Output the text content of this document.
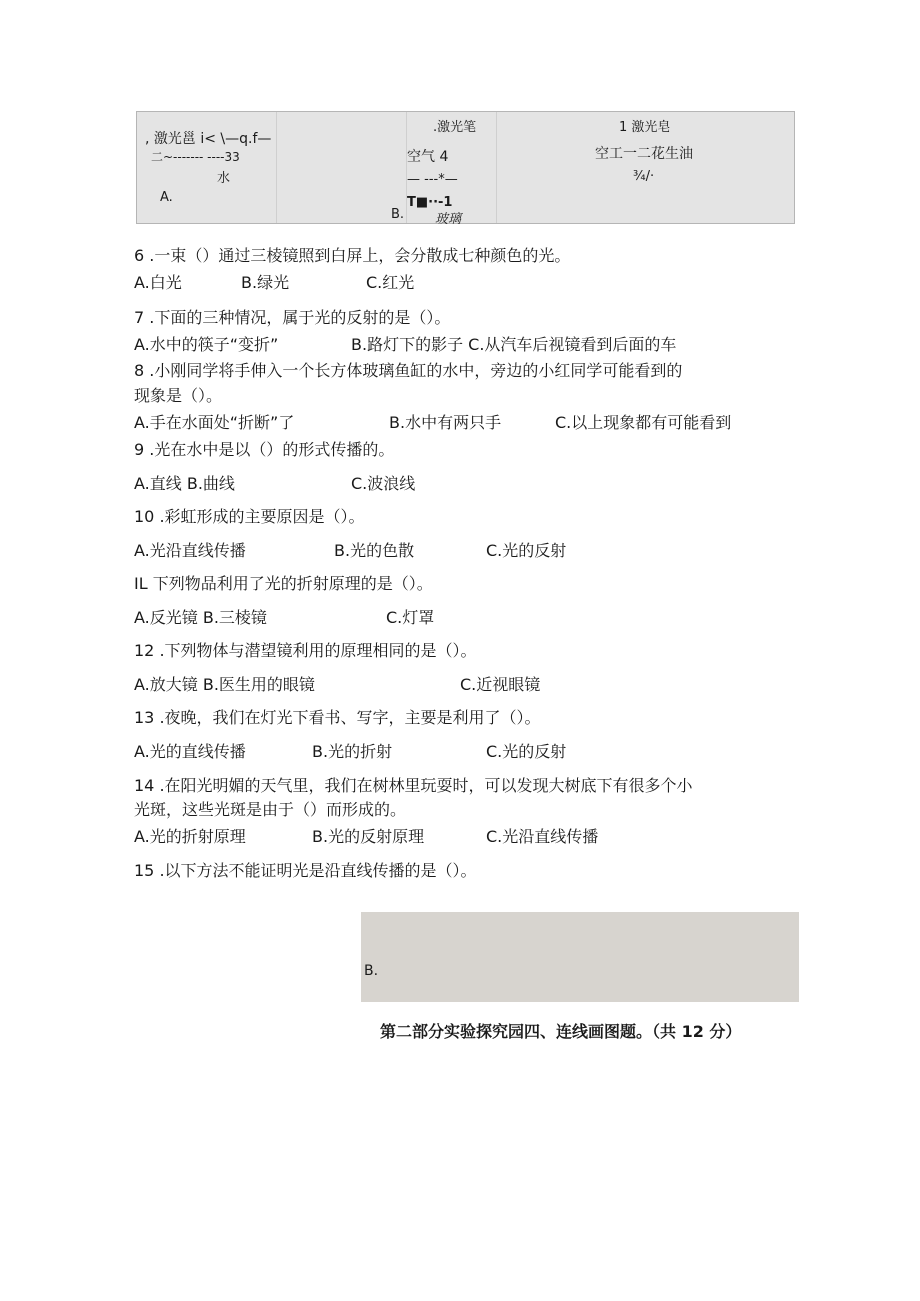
, 激光邕 i< \—q.f—
二~------- ----33
水
A.
.激光笔
空气 4
— ---*—
T■··-1
B. 玻璃
1 激光皂
空工一二花生油
¾/·
6 .一束（）通过三棱镜照到白屏上，会分散成七种颜色的光。
A.白光	B.绿光	C.红光
7 .下面的三种情况，属于光的反射的是（）。
A.水中的筷子“变折”	B.路灯下的影子 C.从汽车后视镜看到后面的车
8 .小刚同学将手伸入一个长方体玻璃鱼缸的水中，旁边的小红同学可能看到的
现象是（）。
A.手在水面处“折断”了	B.水中有两只手	C.以上现象都有可能看到
9 .光在水中是以（）的形式传播的。
A.直线 B.曲线	C.波浪线
10 .彩虹形成的主要原因是（）。
A.光沿直线传播	B.光的色散	C.光的反射
IL 下列物品利用了光的折射原理的是（）。
A.反光镜 B.三棱镜	C.灯罩
12 .下列物体与潜望镜利用的原理相同的是（）。
A.放大镜 B.医生用的眼镜	C.近视眼镜
13 .夜晚，我们在灯光下看书、写字，主要是利用了（）。
A.光的直线传播	B.光的折射	C.光的反射
14 .在阳光明媚的天气里，我们在树林里玩耍时，可以发现大树底下有很多个小
光斑，这些光斑是由于（）而形成的。
A.光的折射原理	B.光的反射原理	C.光沿直线传播
15 .以下方法不能证明光是沿直线传播的是（）。
B.
第二部分实验探究园四、连线画图题。（共 12 分）
